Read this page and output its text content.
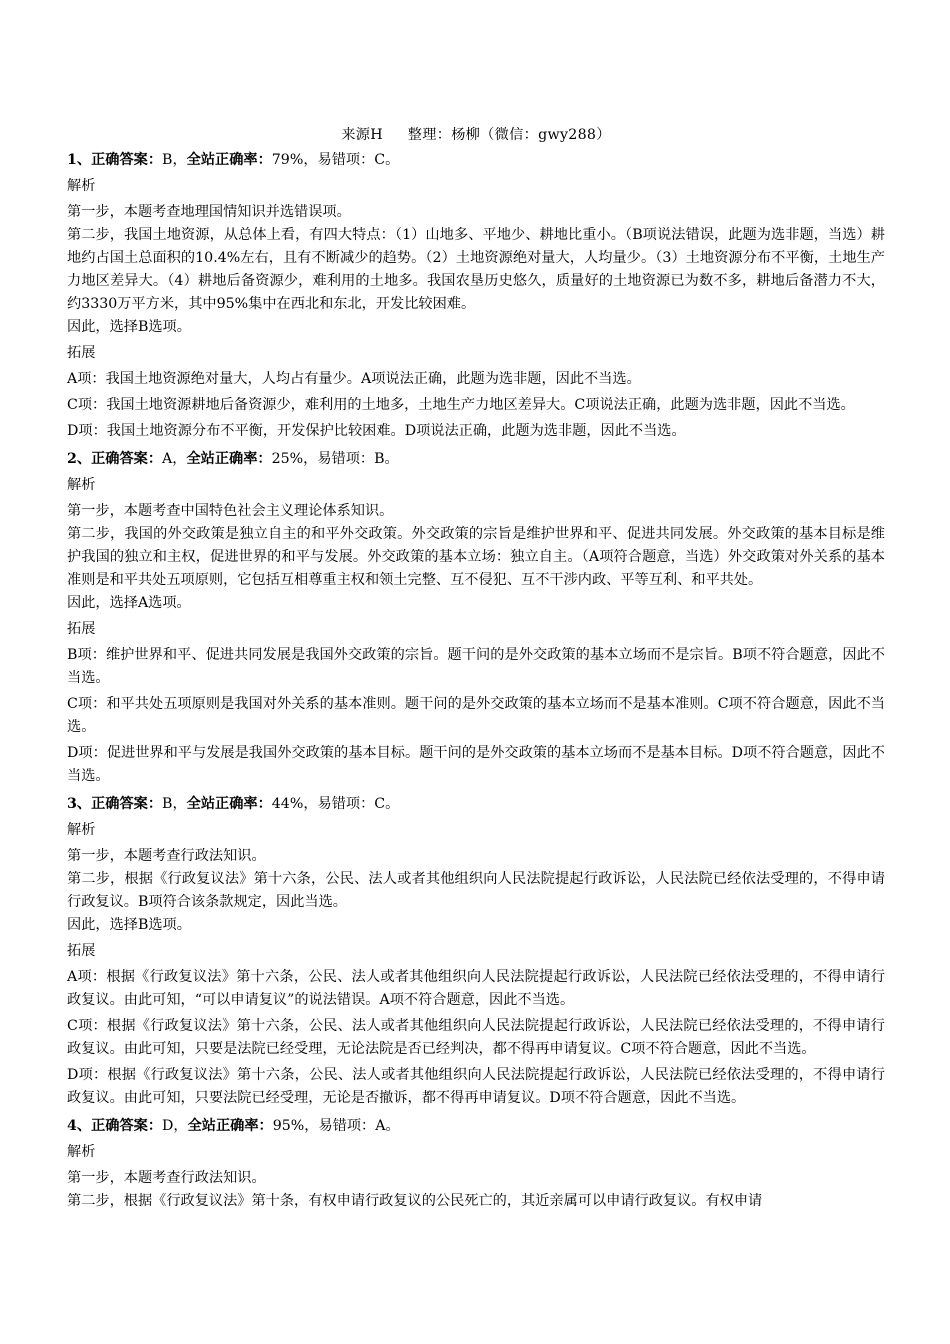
来源H 整理：杨柳（微信：gwy288）
1、正确答案：B，全站正确率：79%，易错项：C。

解析

第一步，本题考查地理国情知识并选错误项。

第二步，我国土地资源，从总体上看，有四大特点：（1）山地多、平地少、耕地比重小。（B项说法错误，此题为选非题，当选）耕地约占国土总面积的10.4%左右，且有不断减少的趋势。（2）土地资源绝对量大，人均量少。（3）土地资源分布不平衡，土地生产力地区差异大。（4）耕地后备资源少，难利用的土地多。我国农垦历史悠久，质量好的土地资源已为数不多，耕地后备潜力不大，约3330万平方米，其中95%集中在西北和东北，开发比较困难。

因此，选择B选项。

拓展

A项：我国土地资源绝对量大，人均占有量少。A项说法正确，此题为选非题，因此不当选。

C项：我国土地资源耕地后备资源少，难利用的土地多，土地生产力地区差异大。C项说法正确，此题为选非题，因此不当选。

D项：我国土地资源分布不平衡，开发保护比较困难。D项说法正确，此题为选非题，因此不当选。

2、正确答案：A，全站正确率：25%，易错项：B。

解析

第一步，本题考查中国特色社会主义理论体系知识。

第二步，我国的外交政策是独立自主的和平外交政策。外交政策的宗旨是维护世界和平、促进共同发展。外交政策的基本目标是维护我国的独立和主权，促进世界的和平与发展。外交政策的基本立场：独立自主。（A项符合题意，当选）外交政策对外关系的基本准则是和平共处五项原则，它包括互相尊重主权和领土完整、互不侵犯、互不干涉内政、平等互利、和平共处。

因此，选择A选项。

拓展

B项：维护世界和平、促进共同发展是我国外交政策的宗旨。题干问的是外交政策的基本立场而不是宗旨。B项不符合题意，因此不当选。

C项：和平共处五项原则是我国对外关系的基本准则。题干问的是外交政策的基本立场而不是基本准则。C项不符合题意，因此不当选。

D项：促进世界和平与发展是我国外交政策的基本目标。题干问的是外交政策的基本立场而不是基本目标。D项不符合题意，因此不当选。

3、正确答案：B，全站正确率：44%，易错项：C。

解析

第一步，本题考查行政法知识。

第二步，根据《行政复议法》第十六条，公民、法人或者其他组织向人民法院提起行政诉讼，人民法院已经依法受理的，不得申请行政复议。B项符合该条款规定，因此当选。

因此，选择B选项。

拓展

A项：根据《行政复议法》第十六条，公民、法人或者其他组织向人民法院提起行政诉讼，人民法院已经依法受理的，不得申请行政复议。由此可知，“可以申请复议”的说法错误。A项不符合题意，因此不当选。

C项：根据《行政复议法》第十六条，公民、法人或者其他组织向人民法院提起行政诉讼，人民法院已经依法受理的，不得申请行政复议。由此可知，只要是法院已经受理，无论法院是否已经判决，都不得再申请复议。C项不符合题意，因此不当选。

D项：根据《行政复议法》第十六条，公民、法人或者其他组织向人民法院提起行政诉讼，人民法院已经依法受理的，不得申请行政复议。由此可知，只要法院已经受理，无论是否撤诉，都不得再申请复议。D项不符合题意，因此不当选。

4、正确答案：D，全站正确率：95%，易错项：A。

解析

第一步，本题考查行政法知识。

第二步，根据《行政复议法》第十条，有权申请行政复议的公民死亡的，其近亲属可以申请行政复议。有权申请
